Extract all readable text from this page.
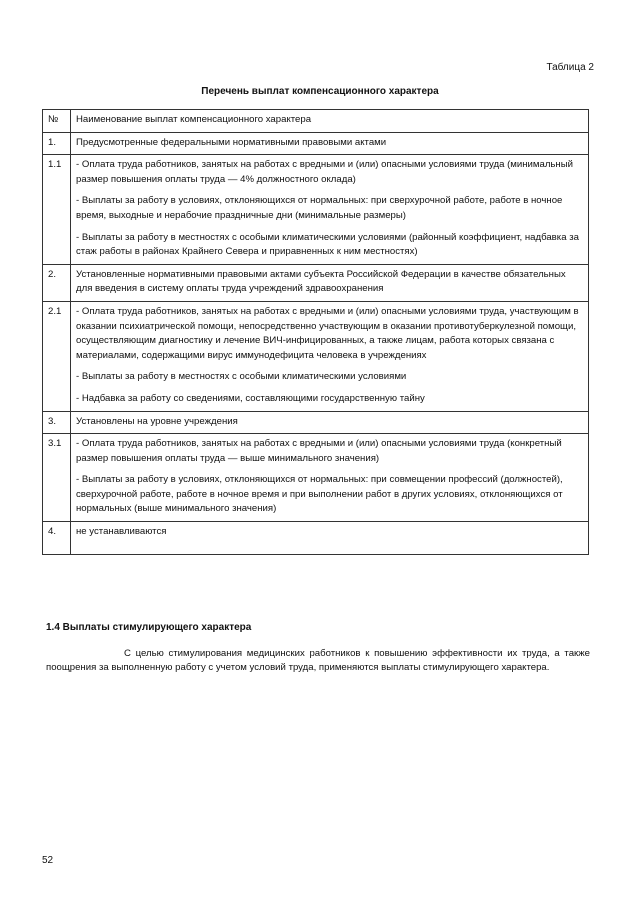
Таблица 2
Перечень выплат компенсационного характера
№	Наименование выплат компенсационного характера
1.	Предусмотренные федеральными нормативными правовыми актами

1.1	- Оплата труда работников, занятых на работах с вредными и (или) опасными условиями труда (минимальный размер повышения оплаты труда — 4% должностного оклада)

- Выплаты за работу в условиях, отклоняющихся от нормальных: при сверхурочной работе, работе в ночное время, выходные и нерабочие праздничные дни (минимальные размеры)

- Выплаты за работу в местностях с особыми климатическими условиями (районный коэффициент, надбавка за стаж работы в районах Крайнего Севера и приравненных к ним местностях)

2.	Установленные нормативными правовыми актами субъекта Российской Федерации в качестве обязательных для введения в систему оплаты труда учреждений здравоохранения

2.1	- Оплата труда работников, занятых на работах с вредными и (или) опасными условиями труда, участвующим в оказании психиатрической помощи, непосредственно участвующим в оказании противотуберкулезной помощи, осуществляющим диагностику и лечение ВИЧ-инфицированных, а также лицам, работа которых связана с материалами, содержащими вирус иммунодефицита человека в учреждениях

- Выплаты за работу в местностях с особыми климатическими условиями

- Надбавка за работу со сведениями, составляющими государственную тайну

3.	Установлены на уровне учреждения

3.1	- Оплата труда работников, занятых на работах с вредными и (или) опасными условиями труда (конкретный размер повышения оплаты труда — выше минимального значения)

- Выплаты за работу в условиях, отклоняющихся от нормальных: при совмещении профессий (должностей), сверхурочной работе, работе в ночное время и при выполнении работ в других условиях, отклоняющихся от нормальных (выше минимального значения)

4.	не устанавливаются

1.4 Выплаты стимулирующего характера
С целью стимулирования медицинских работников к повышению эффективности их труда, а также поощрения за выполненную работу с учетом условий труда, применяются выплаты стимулирующего характера.
52
